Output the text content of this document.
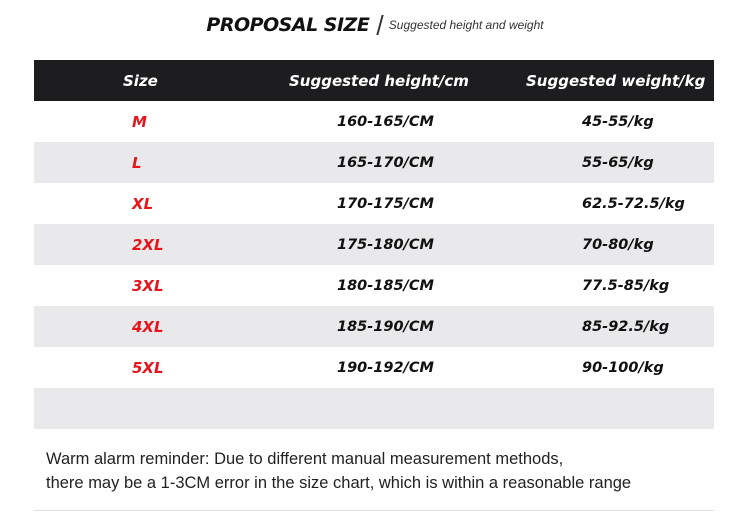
PROPOSAL SIZE Suggested height and weight
Size	Suggested height/cm	Suggested weight/kg
M	160-165/CM	45-55/kg
L	165-170/CM	55-65/kg
XL	170-175/CM	62.5-72.5/kg
2XL	175-180/CM	70-80/kg
3XL	180-185/CM	77.5-85/kg
4XL	185-190/CM	85-92.5/kg
5XL	190-192/CM	90-100/kg
Warm alarm reminder: Due to different manual measurement methods,
there may be a 1-3CM error in the size chart, which is within a reasonable range
